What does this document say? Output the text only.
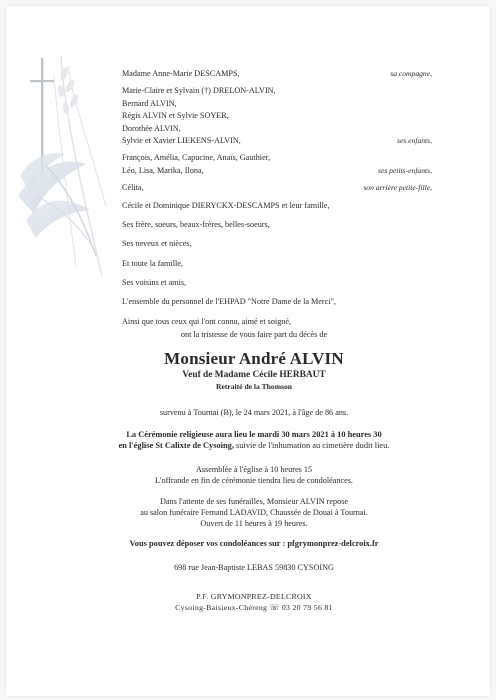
Madame Anne-Marie DESCAMPS,	sa compagne,
Marie-Claire et Sylvain (†) DRELON-ALVIN,
Bernard ALVIN,
Régis ALVIN et Sylvie SOYER,
Dorothée ALVIN,
Sylvie et Xavier LIEKENS-ALVIN,	ses enfants,
François, Amélia, Capucine, Anaïs, Gauthier,
Léo, Lisa, Marika, Ilona,	ses petits-enfants,
Célita,	son arrière petite-fille,
Cécile et Dominique DIERYCKX-DESCAMPS et leur famille,
Ses frère, soeurs, beaux-frères, belles-soeurs,
Ses neveux et nièces,
Et toute la famille,
Ses voisins et amis,
L'ensemble du personnel de l'EHPAD "Notre Dame de la Merci",
Ainsi que tous ceux qui l'ont connu, aimé et soigné,
ont la tristesse de vous faire part du décès de
Monsieur André ALVIN
Veuf de Madame Cécile HERBAUT
Retraité de la Thomson
survenu à Tournai (B), le 24 mars 2021, à l'âge de 86 ans.
La Cérémonie religieuse aura lieu le mardi 30 mars 2021 à 10 heures 30
en l'église St Calixte de Cysoing, suivie de l'inhumation au cimetière dudit lieu.
Assemblée à l'église à 10 heures 15
L'offrande en fin de cérémonie tiendra lieu de condoléances.
Dans l'attente de ses funérailles, Monsieur ALVIN repose
au salon funéraire Fernand LADAVID, Chaussée de Douai à Tournai.
Ouvert de 11 heures à 19 heures.
Vous pouvez déposer vos condoléances sur : pfgrymonprez-delcroix.fr
698 rue Jean-Baptiste LEBAS 59830 CYSOING
P.F. GRYMONPREZ-DELCROIX
Cysoing-Baisieux-Chéreng ☏ 03 20 79 56 81
